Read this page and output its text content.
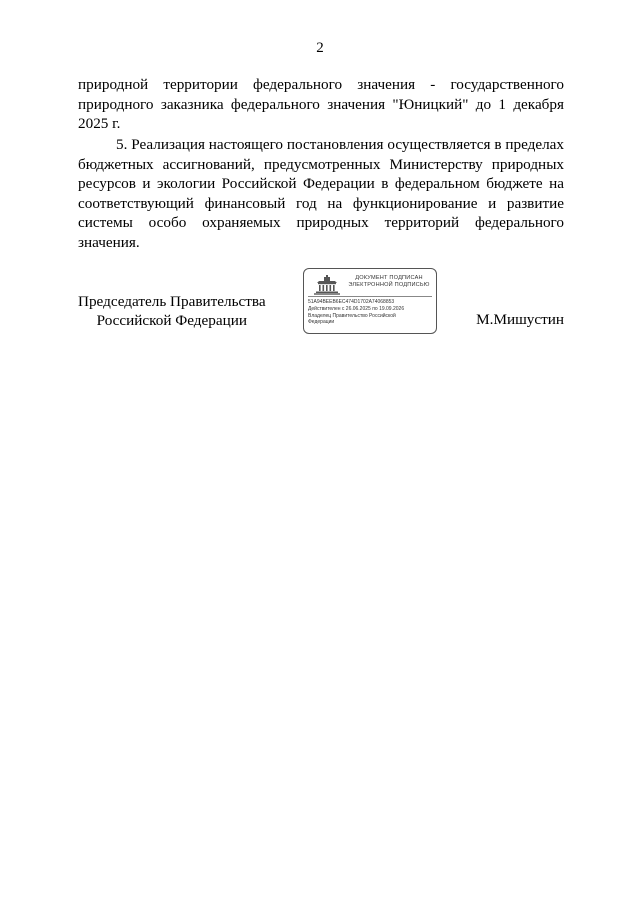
2

природной территории федерального значения - государственного природного заказника федерального значения "Юницкий" до 1 декабря 2025 г.

5. Реализация настоящего постановления осуществляется в пределах бюджетных ассигнований, предусмотренных Министерству природных ресурсов и экологии Российской Федерации в федеральном бюджете на соответствующий финансовый год на функционирование и развитие системы особо охраняемых природных территорий федерального значения.

Председатель Правительства
Российской Федерации
ДОКУМЕНТ ПОДПИСАН
ЭЛЕКТРОННОЙ ПОДПИСЬЮ
51A94BEEB6EC474D1702A74068853
Действителен с 26.06.2025 по 19.09.2026
Владелец Правительство Российской
Федерации	М.Мишустин
